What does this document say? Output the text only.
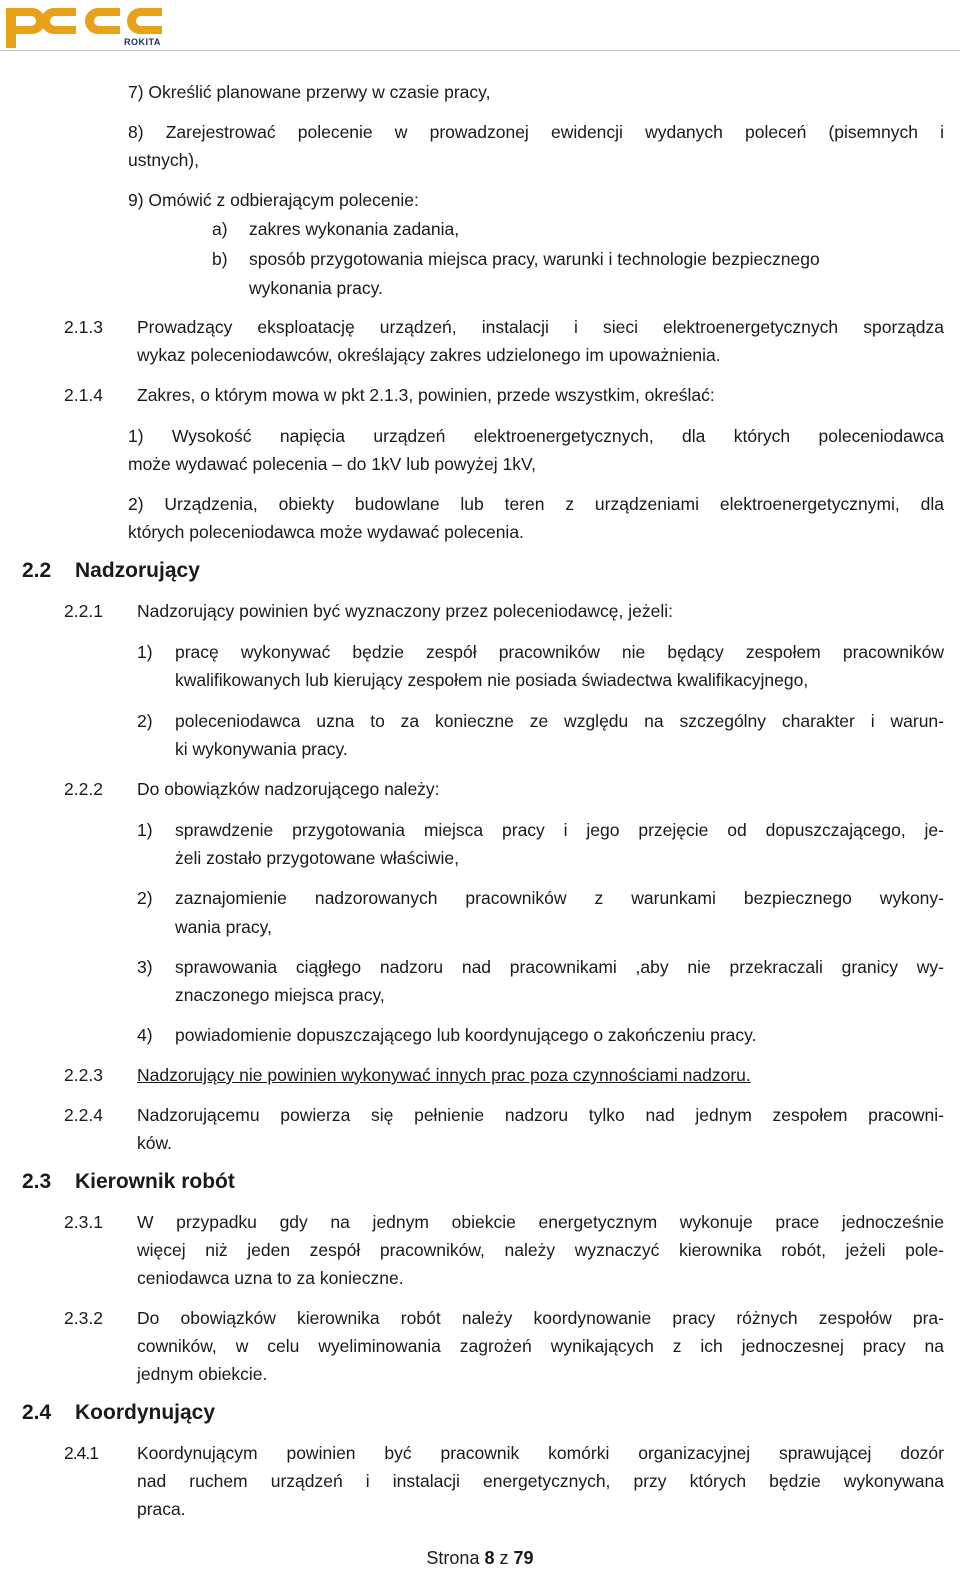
ROKITA
7) Określić planowane przerwy w czasie pracy,
8) Zarejestrować polecenie w prowadzonej ewidencji wydanych poleceń (pisemnych i
ustnych),
9) Omówić z odbierającym polecenie:
a) zakres wykonania zadania,
b) sposób przygotowania miejsca pracy, warunki i technologie bezpiecznego
wykonania pracy.
2.1.3 Prowadzący eksploatację urządzeń, instalacji i sieci elektroenergetycznych sporządza
wykaz poleceniodawców, określający zakres udzielonego im upoważnienia.
2.1.4 Zakres, o którym mowa w pkt 2.1.3, powinien, przede wszystkim, określać:
1) Wysokość napięcia urządzeń elektroenergetycznych, dla których poleceniodawca
może wydawać polecenia – do 1kV lub powyżej 1kV,
2) Urządzenia, obiekty budowlane lub teren z urządzeniami elektroenergetycznymi, dla
których poleceniodawca może wydawać polecenia.
2.2 Nadzorujący
2.2.1 Nadzorujący powinien być wyznaczony przez poleceniodawcę, jeżeli:
1) pracę wykonywać będzie zespół pracowników nie będący zespołem pracowników
kwalifikowanych lub kierujący zespołem nie posiada świadectwa kwalifikacyjnego,
2) poleceniodawca uzna to za konieczne ze względu na szczególny charakter i warun-
ki wykonywania pracy.
2.2.2 Do obowiązków nadzorującego należy:
1) sprawdzenie przygotowania miejsca pracy i jego przejęcie od dopuszczającego, je-
żeli zostało przygotowane właściwie,
2) zaznajomienie nadzorowanych pracowników z warunkami bezpiecznego wykony-
wania pracy,
3) sprawowania ciągłego nadzoru nad pracownikami ,aby nie przekraczali granicy wy-
znaczonego miejsca pracy,
4) powiadomienie dopuszczającego lub koordynującego o zakończeniu pracy.
2.2.3 Nadzorujący nie powinien wykonywać innych prac poza czynnościami nadzoru.
2.2.4 Nadzorującemu powierza się pełnienie nadzoru tylko nad jednym zespołem pracowni-
ków.
2.3 Kierownik robót
2.3.1 W przypadku gdy na jednym obiekcie energetycznym wykonuje prace jednocześnie
więcej niż jeden zespół pracowników, należy wyznaczyć kierownika robót, jeżeli pole-
ceniodawca uzna to za konieczne.
2.3.2 Do obowiązków kierownika robót należy koordynowanie pracy różnych zespołów pra-
cowników, w celu wyeliminowania zagrożeń wynikających z ich jednoczesnej pracy na
jednym obiekcie.
2.4 Koordynujący
2.4.1 Koordynującym powinien być pracownik komórki organizacyjnej sprawującej dozór
nad ruchem urządzeń i instalacji energetycznych, przy których będzie wykonywana
praca.
Strona 8 z 79
